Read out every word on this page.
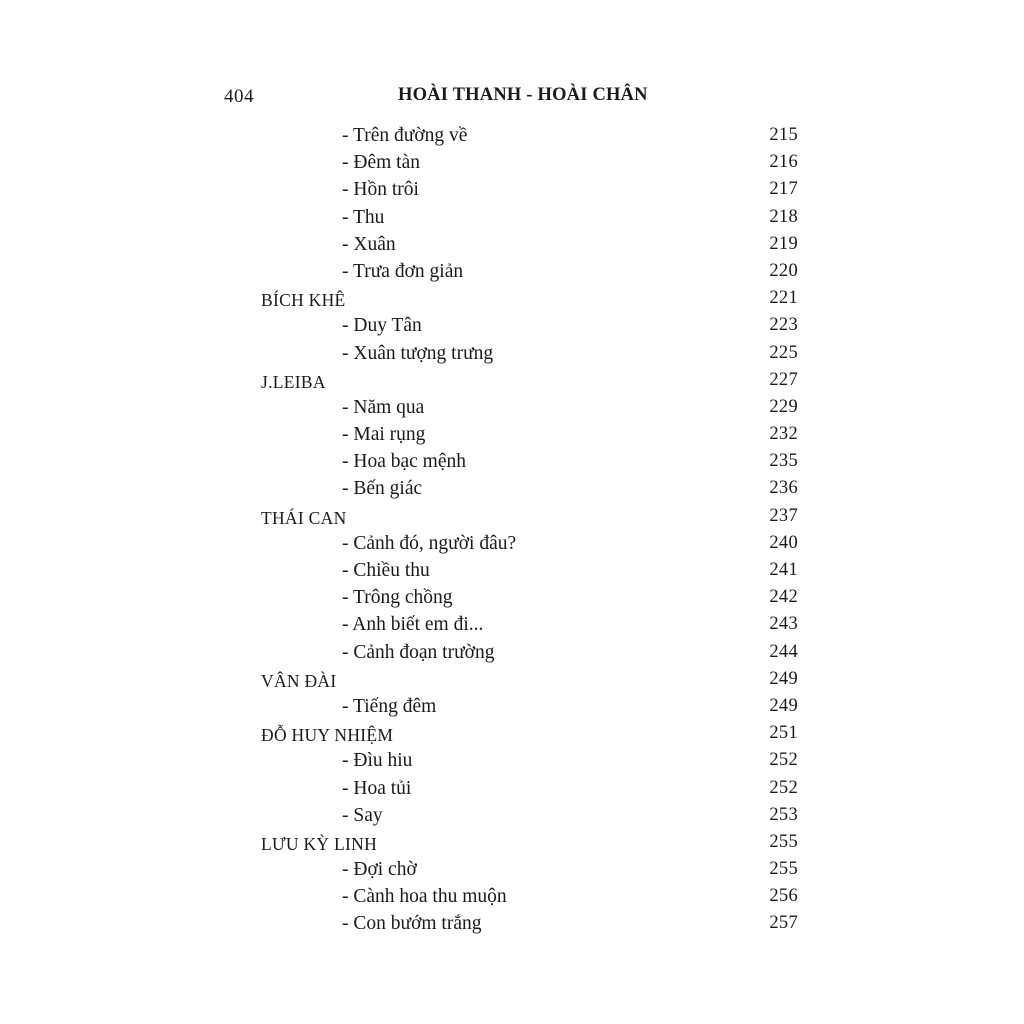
404	HOÀI THANH - HOÀI CHÂN
- Trên đường về	215
- Đêm tàn	216
- Hồn trôi	217
- Thu	218
- Xuân	219
- Trưa đơn giản	220
BÍCH KHÊ	221
- Duy Tân	223
- Xuân tượng trưng	225
J.LEIBA	227
- Năm qua	229
- Mai rụng	232
- Hoa bạc mệnh	235
- Bến giác	236
THÁI CAN	237
- Cảnh đó, người đâu?	240
- Chiều thu	241
- Trông chồng	242
- Anh biết em đi...	243
- Cảnh đoạn trường	244
VÂN ĐÀI	249
- Tiếng đêm	249
ĐỖ HUY NHIỆM	251
- Đìu hiu	252
- Hoa tủi	252
- Say	253
LƯU KỲ LINH	255
- Đợi chờ	255
- Cành hoa thu muộn	256
- Con bướm trắng	257
